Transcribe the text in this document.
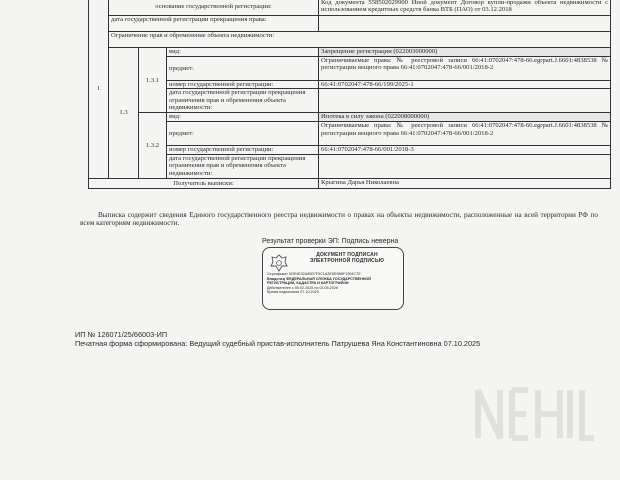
1	основание государственной регистрации:			Код документа 558502029900 Иной документ Договор купли-продажи объекта недвижимости с использованием кредитных средств банка ВТБ (ПАО) от 03.12.2018
	дата государственной регистрации прекращения права:			
	Ограничение прав и обременение объекта недвижимости:			
	1.3	1.3.1	вид:	Запрещение регистрации (022003000000)
			предмет:	Ограничиваемые права: № реестровой записи 66:41:0702047:478-66.egrpart.J.6601:4838538 № регистрации вещного права 66:41:0702047:478-66/001/2018-2
			номер государственной регистрации:	66:41:0702047:478-66/199/2025-1
			дата государственной регистрации прекращения ограничения прав и обременения объекта недвижимости:	
		1.3.2	вид:	Ипотека в силу закона (022008000000)
			предмет:	Ограничиваемые права: № реестровой записи 66:41:0702047:478-66.egrpart.J.6601:4838538 № регистрации вещного права 66:41:0702047:478-66/001/2018-2
			номер государственной регистрации:	66:41:0702047:478-66/001/2018-3
			дата государственной регистрации прекращения ограничения прав и обременения объекта недвижимости:	
Получатель выписки:				Крыгина Дарья Николаевна
Выписка содержит сведения Единого государственного реестра недвижимости о правах на объекты недвижимости, расположенные на всей территории РФ по всем категориям недвижимости.
Результат проверки ЭП: Подпись неверна
ДОКУМЕНТ ПОДПИСАН
ЭЛЕКТРОННОЙ ПОДПИСЬЮ
Сертификат 0DE4E32A9B07F5C1A2E6D3B8F1904C7E
Владелец ФЕДЕРАЛЬНАЯ СЛУЖБА ГОСУДАРСТВЕННОЙ
РЕГИСТРАЦИИ, КАДАСТРА И КАРТОГРАФИИ
Действителен с 05.02.2025 по 01.05.2026
Время подписания 07.10.2025
ИП № 126071/25/66003-ИП
Печатная форма сформирована: Ведущий судебный пристав-исполнитель Патрушева Яна Константиновна 07.10.2025
